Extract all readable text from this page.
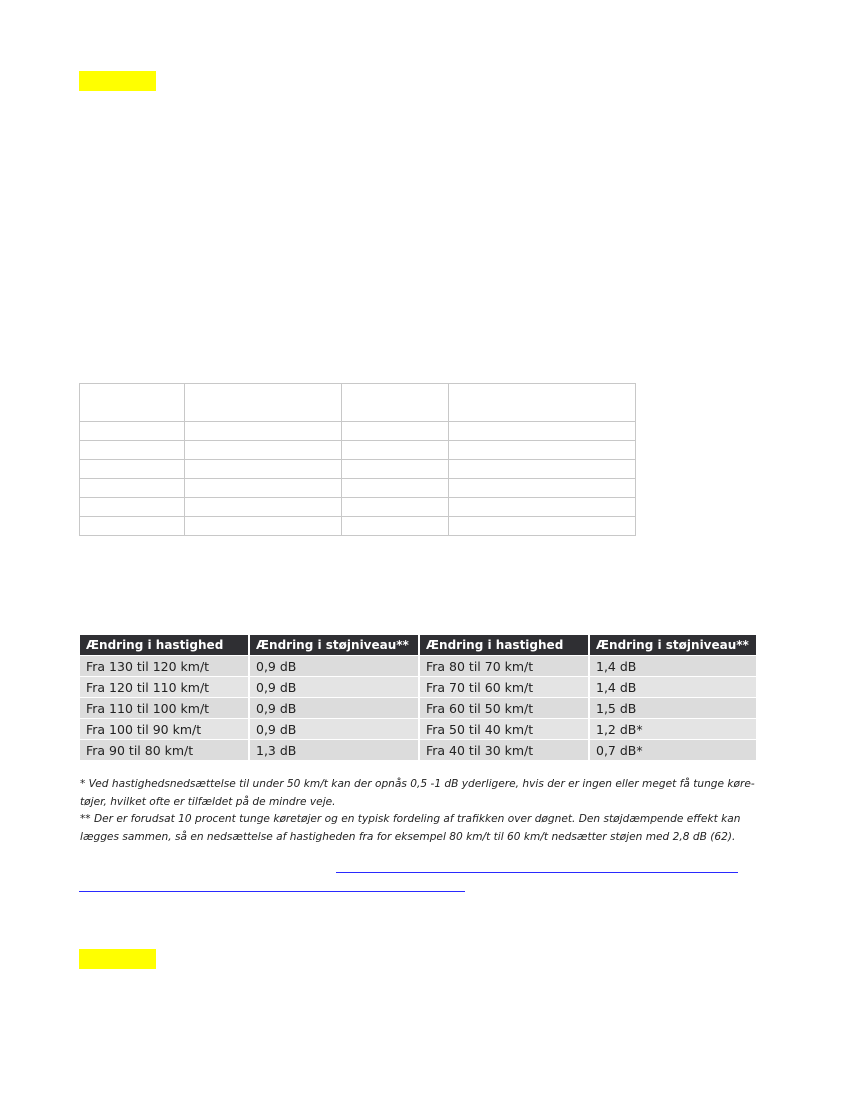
Ændring i hastighed	Ændring i støjniveau**	Ændring i hastighed	Ændring i støjniveau**
Fra 130 til 120 km/t	0,9 dB	Fra 80 til 70 km/t	1,4 dB
Fra 120 til 110 km/t	0,9 dB	Fra 70 til 60 km/t	1,4 dB
Fra 110 til 100 km/t	0,9 dB	Fra 60 til 50 km/t	1,5 dB
Fra 100 til 90 km/t	0,9 dB	Fra 50 til 40 km/t	1,2 dB*
Fra 90 til 80 km/t	1,3 dB	Fra 40 til 30 km/t	0,7 dB*

* Ved hastighedsnedsættelse til under 50 km/t kan der opnås 0,5 -1 dB yderligere, hvis der er ingen eller meget få tunge køre-tøjer, hvilket ofte er tilfældet på de mindre veje.

** Der er forudsat 10 procent tunge køretøjer og en typisk fordeling af trafikken over døgnet. Den støjdæmpende effekt kan lægges sammen, så en nedsættelse af hastigheden fra for eksempel 80 km/t til 60 km/t nedsætter støjen med 2,8 dB (62).
